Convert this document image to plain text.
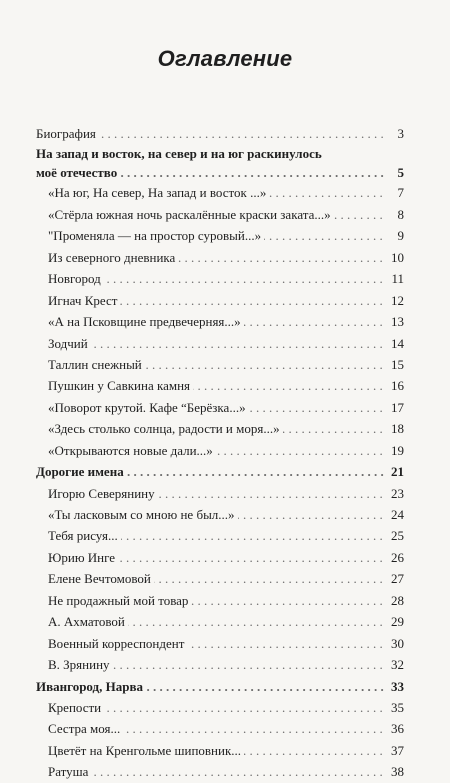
Оглавление
Биография . . .	3
На запад и восток, на север и на юг раскинулось
моё отечество . . .	5
«На юг, На север, На запад и восток ...» . . .	7
«Стёрла южная ночь раскалённые краски заката...» . . .	8
"Променяла — на простор суровый...» . . .	9
Из северного дневника . . .	10
Новгород . . .	11
Игнач Крест . . .	12
«А на Псковщине предвечерняя...» . . .	13
Зодчий . . .	14
Таллин снежный . . .	15
Пушкин у Савкина камня . . .	16
«Поворот крутой. Кафе “Берёзка...» . . .	17
«Здесь столько солнца, радости и моря...» . . .	18
«Открываются новые дали...» . . .	19
Дорогие имена . . .	21
Игорю Северянину . . .	23
«Ты ласковым со мною не был...» . . .	24
Тебя рисуя... . . .	25
Юрию Инге . . .	26
Елене Вечтомовой . . .	27
Не продажный мой товар . . .	28
А. Ахматовой . . .	29
Военный корреспондент . . .	30
В. Зрянину . . .	32
Ивангород, Нарва . . .	33
Крепости . . .	35
Сестра моя... . . .	36
Цветёт на Кренгольме шиповник... . . .	37
Ратуша . . .	38
